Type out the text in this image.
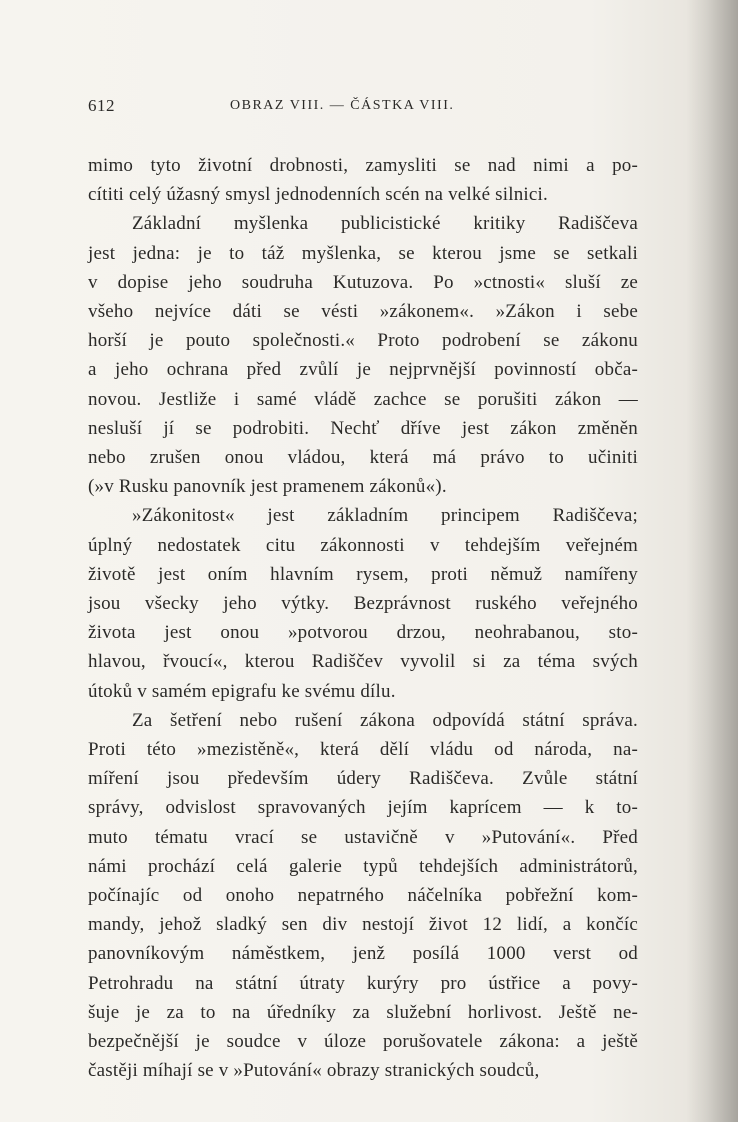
612	OBRAZ VIII. — ČÁSTKA VIII.
mimo tyto životní drobnosti, zamysliti se nad nimi a po-
cítiti celý úžasný smysl jednodenních scén na velké silnici.
Základní myšlenka publicistické kritiky Radiščeva
jest jedna: je to táž myšlenka, se kterou jsme se setkali
v dopise jeho soudruha Kutuzova. Po »ctnosti« sluší ze
všeho nejvíce dáti se vésti »zákonem«. »Zákon i sebe
horší je pouto společnosti.« Proto podrobení se zákonu
a jeho ochrana před zvůlí je nejprvnější povinností obča-
novou. Jestliže i samé vládě zachce se porušiti zákon —
nesluší jí se podrobiti. Nechť dříve jest zákon změněn
nebo zrušen onou vládou, která má právo to učiniti
(»v Rusku panovník jest pramenem zákonů«).
»Zákonitost« jest základním principem Radiščeva;
úplný nedostatek citu zákonnosti v tehdejším veřejném
životě jest oním hlavním rysem, proti němuž namířeny
jsou všecky jeho výtky. Bezprávnost ruského veřejného
života jest onou »potvorou drzou, neohrabanou, sto-
hlavou, řvoucí«, kterou Radiščev vyvolil si za téma svých
útoků v samém epigrafu ke svému dílu.
Za šetření nebo rušení zákona odpovídá státní správa.
Proti této »mezistěně«, která dělí vládu od národa, na-
míření jsou především údery Radiščeva. Zvůle státní
správy, odvislost spravovaných jejím kaprícem — k to-
muto tématu vrací se ustavičně v »Putování«. Před
námi prochází celá galerie typů tehdejších administrátorů,
počínajíc od onoho nepatrného náčelníka pobřežní kom-
mandy, jehož sladký sen div nestojí život 12 lidí, a končíc
panovníkovým náměstkem, jenž posílá 1000 verst od
Petrohradu na státní útraty kurýry pro ústřice a povy-
šuje je za to na úředníky za služební horlivost. Ještě ne-
bezpečnější je soudce v úloze porušovatele zákona: a ještě
častěji míhají se v »Putování« obrazy stranických soudců,
